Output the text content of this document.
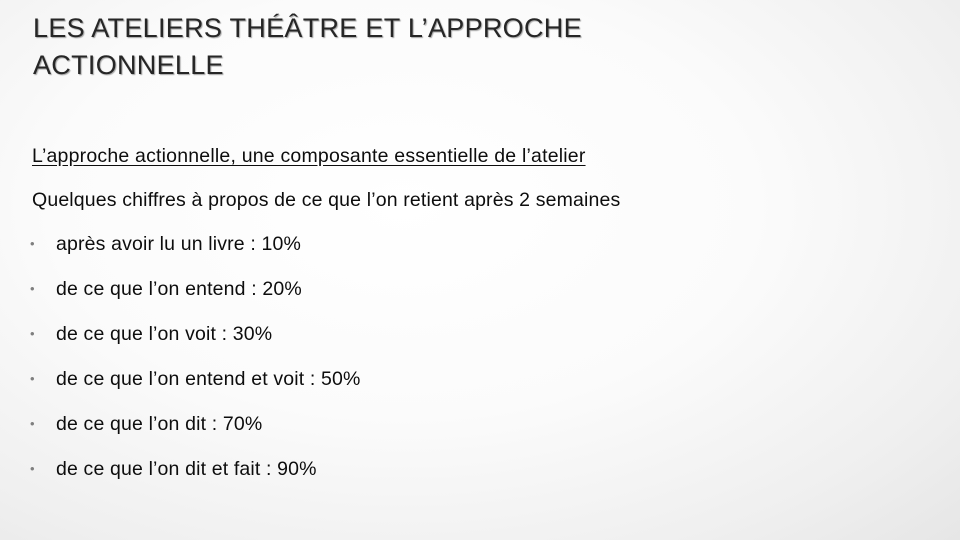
LES ATELIERS THÉÂTRE ET L’APPROCHE
ACTIONNELLE
L’approche actionnelle, une composante essentielle de l’atelier

Quelques chiffres à propos de ce que l’on retient après 2 semaines

• après avoir lu un livre : 10%
• de ce que l’on entend : 20%
• de ce que l’on voit : 30%
• de ce que l’on entend et voit : 50%
• de ce que l’on dit : 70%
• de ce que l’on dit et fait : 90%
